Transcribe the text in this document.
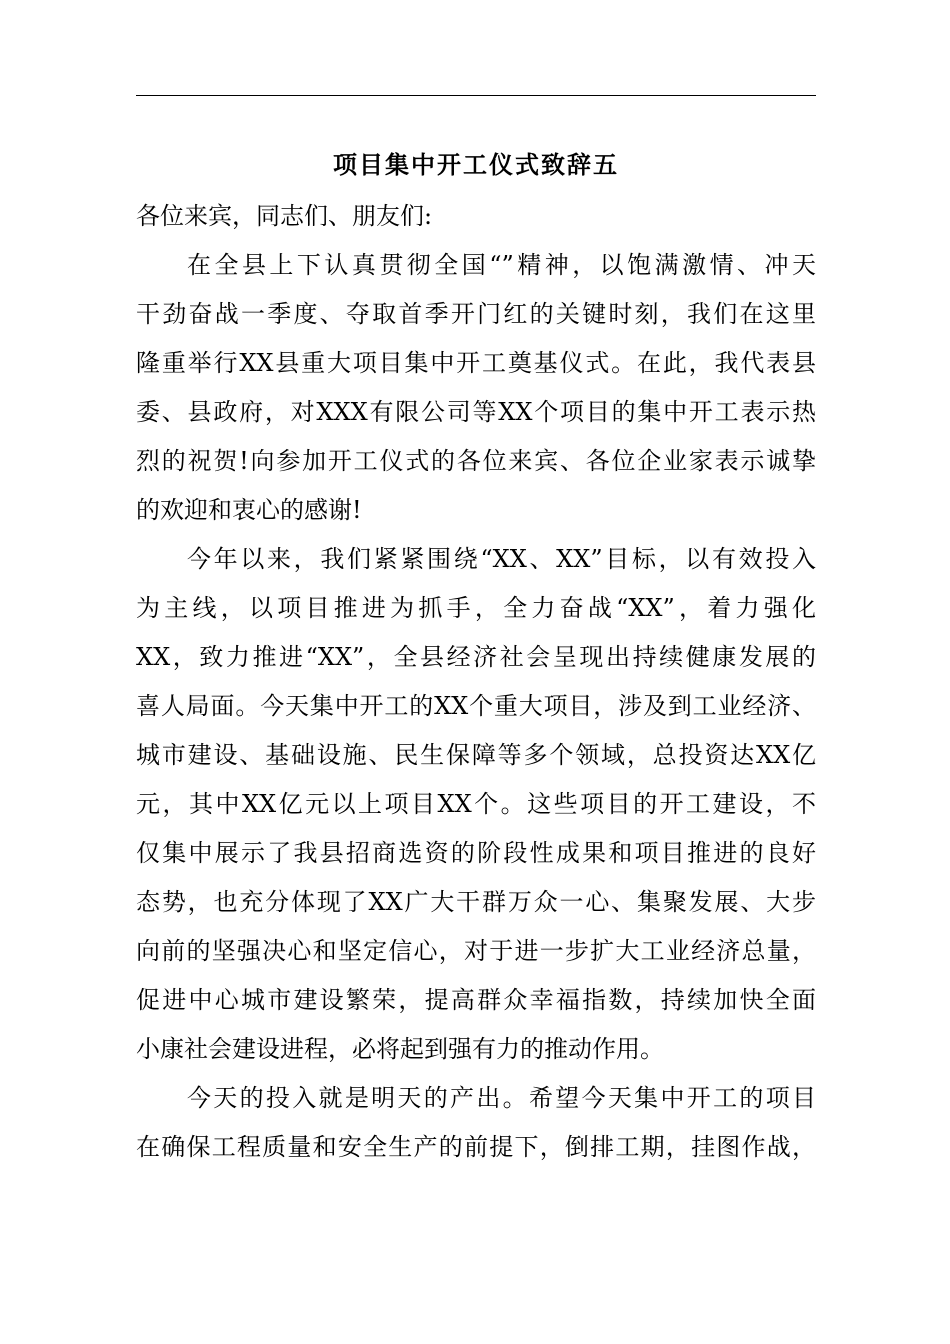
项目集中开工仪式致辞五
各位来宾，同志们、朋友们:
在全县上下认真贯彻全国“”精神，以饱满激情、冲天
干劲奋战一季度、夺取首季开门红的关键时刻，我们在这里
隆重举行XX县重大项目集中开工奠基仪式。在此，我代表县
委、县政府，对XXX有限公司等XX个项目的集中开工表示热
烈的祝贺!向参加开工仪式的各位来宾、各位企业家表示诚挚
的欢迎和衷心的感谢!
今年以来，我们紧紧围绕“XX、XX”目标，以有效投入
为主线，以项目推进为抓手，全力奋战“XX”，着力强化
XX，致力推进“XX”，全县经济社会呈现出持续健康发展的
喜人局面。今天集中开工的XX个重大项目，涉及到工业经济、
城市建设、基础设施、民生保障等多个领域，总投资达XX亿
元，其中XX亿元以上项目XX个。这些项目的开工建设，不
仅集中展示了我县招商选资的阶段性成果和项目推进的良好
态势，也充分体现了XX广大干群万众一心、集聚发展、大步
向前的坚强决心和坚定信心，对于进一步扩大工业经济总量，
促进中心城市建设繁荣，提高群众幸福指数，持续加快全面
小康社会建设进程，必将起到强有力的推动作用。
今天的投入就是明天的产出。希望今天集中开工的项目
在确保工程质量和安全生产的前提下，倒排工期，挂图作战，
